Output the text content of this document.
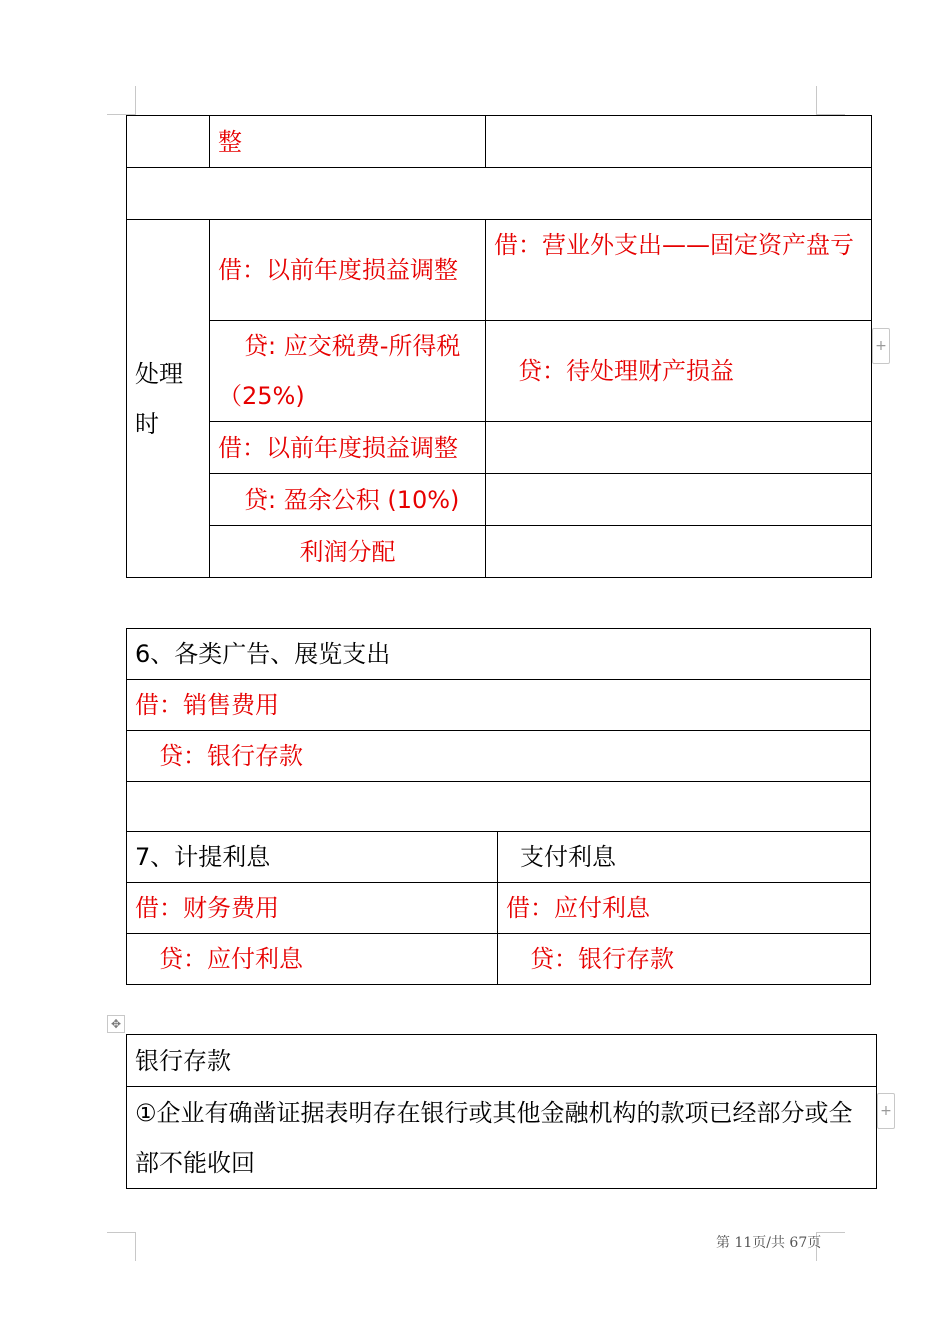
	整	

处理时	借：以前年度损益调整	借：营业外支出——固定资产盘亏
	贷: 应交税费-所得税（25%)	贷：待处理财产损益
	借：以前年度损益调整	
	贷: 盈余公积 (10%)	
	利润分配	
+
6、各类广告、展览支出
借：销售费用
贷：银行存款

7、计提利息	支付利息
借：财务费用	借：应付利息
贷：应付利息	贷：银行存款
✥
银行存款
①企业有确凿证据表明存在银行或其他金融机构的款项已经部分或全部不能收回
+
第 11页/共 67页
